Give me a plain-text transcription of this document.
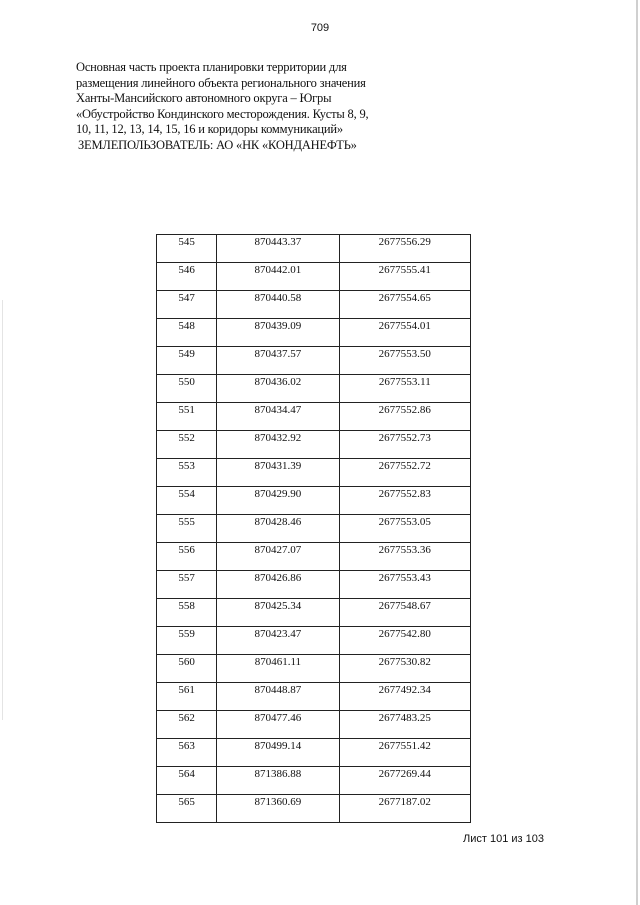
709
Основная часть проекта планировки территории для
размещения линейного объекта регионального значения
Ханты-Мансийского автономного округа – Югры
«Обустройство Кондинского месторождения. Кусты 8, 9,
10, 11, 12, 13, 14, 15, 16 и коридоры коммуникаций»
ЗЕМЛЕПОЛЬЗОВАТЕЛЬ: АО «НК «КОНДАНЕФТЬ»
545	870443.37	2677556.29
546	870442.01	2677555.41
547	870440.58	2677554.65
548	870439.09	2677554.01
549	870437.57	2677553.50
550	870436.02	2677553.11
551	870434.47	2677552.86
552	870432.92	2677552.73
553	870431.39	2677552.72
554	870429.90	2677552.83
555	870428.46	2677553.05
556	870427.07	2677553.36
557	870426.86	2677553.43
558	870425.34	2677548.67
559	870423.47	2677542.80
560	870461.11	2677530.82
561	870448.87	2677492.34
562	870477.46	2677483.25
563	870499.14	2677551.42
564	871386.88	2677269.44
565	871360.69	2677187.02
Лист 101 из 103
